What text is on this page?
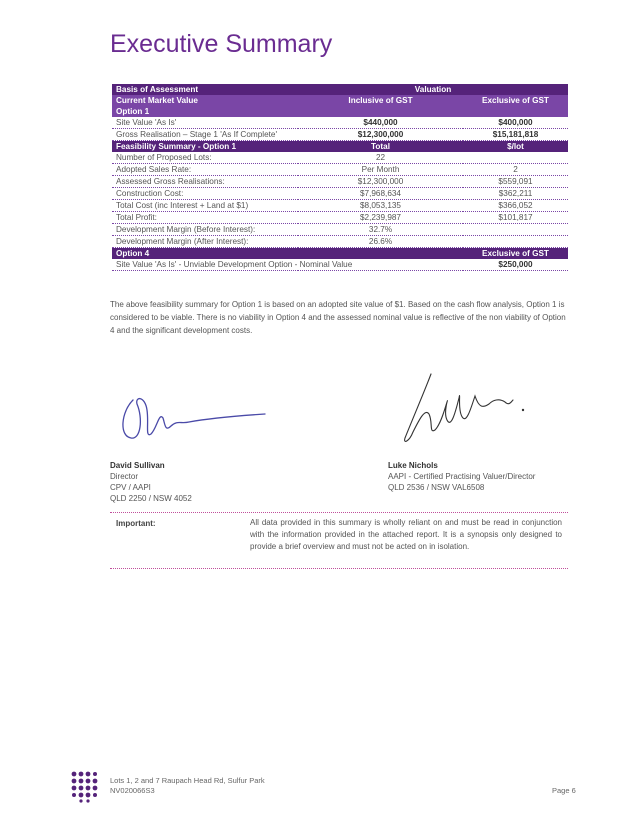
Executive Summary
Basis of Assessment	Valuation	
Current Market Value	Inclusive of GST	Exclusive of GST
Option 1		
Site Value 'As Is'	$440,000	$400,000
Gross Realisation – Stage 1 'As If Complete'	$12,300,000	$15,181,818
Feasibility Summary - Option 1	Total	$/lot
Number of Proposed Lots:	22	
Adopted Sales Rate:	Per Month	2
Assessed Gross Realisations:	$12,300,000	$559,091
Construction Cost:	$7,968,634	$362,211
Total Cost (inc Interest + Land at $1)	$8,053,135	$366,052
Total Profit:	$2,239,987	$101,817
Development Margin (Before Interest):	32.7%	
Development Margin (After Interest):	26.6%	
Option 4		Exclusive of GST
Site Value 'As Is' - Unviable Development Option - Nominal Value		$250,000

The above feasibility summary for Option 1 is based on an adopted site value of $1. Based on the cash flow analysis, Option 1 is considered to be viable. There is no viability in Option 4 and the assessed nominal value is reflective of the non viability of Option 4 and the significant development costs.

David Sullivan
Director
CPV / AAPI
QLD 2250 / NSW 4052
Luke Nichols
AAPI - Certified Practising Valuer/Director
QLD 2536 / NSW VAL6508
Important:	All data provided in this summary is wholly reliant on and must be read in conjunction with the information provided in the attached report. It is a synopsis only designed to provide a brief overview and must not be acted on in isolation.

Lots 1, 2 and 7 Raupach Head Rd, Sulfur Park
NV020066S3	Page 6
